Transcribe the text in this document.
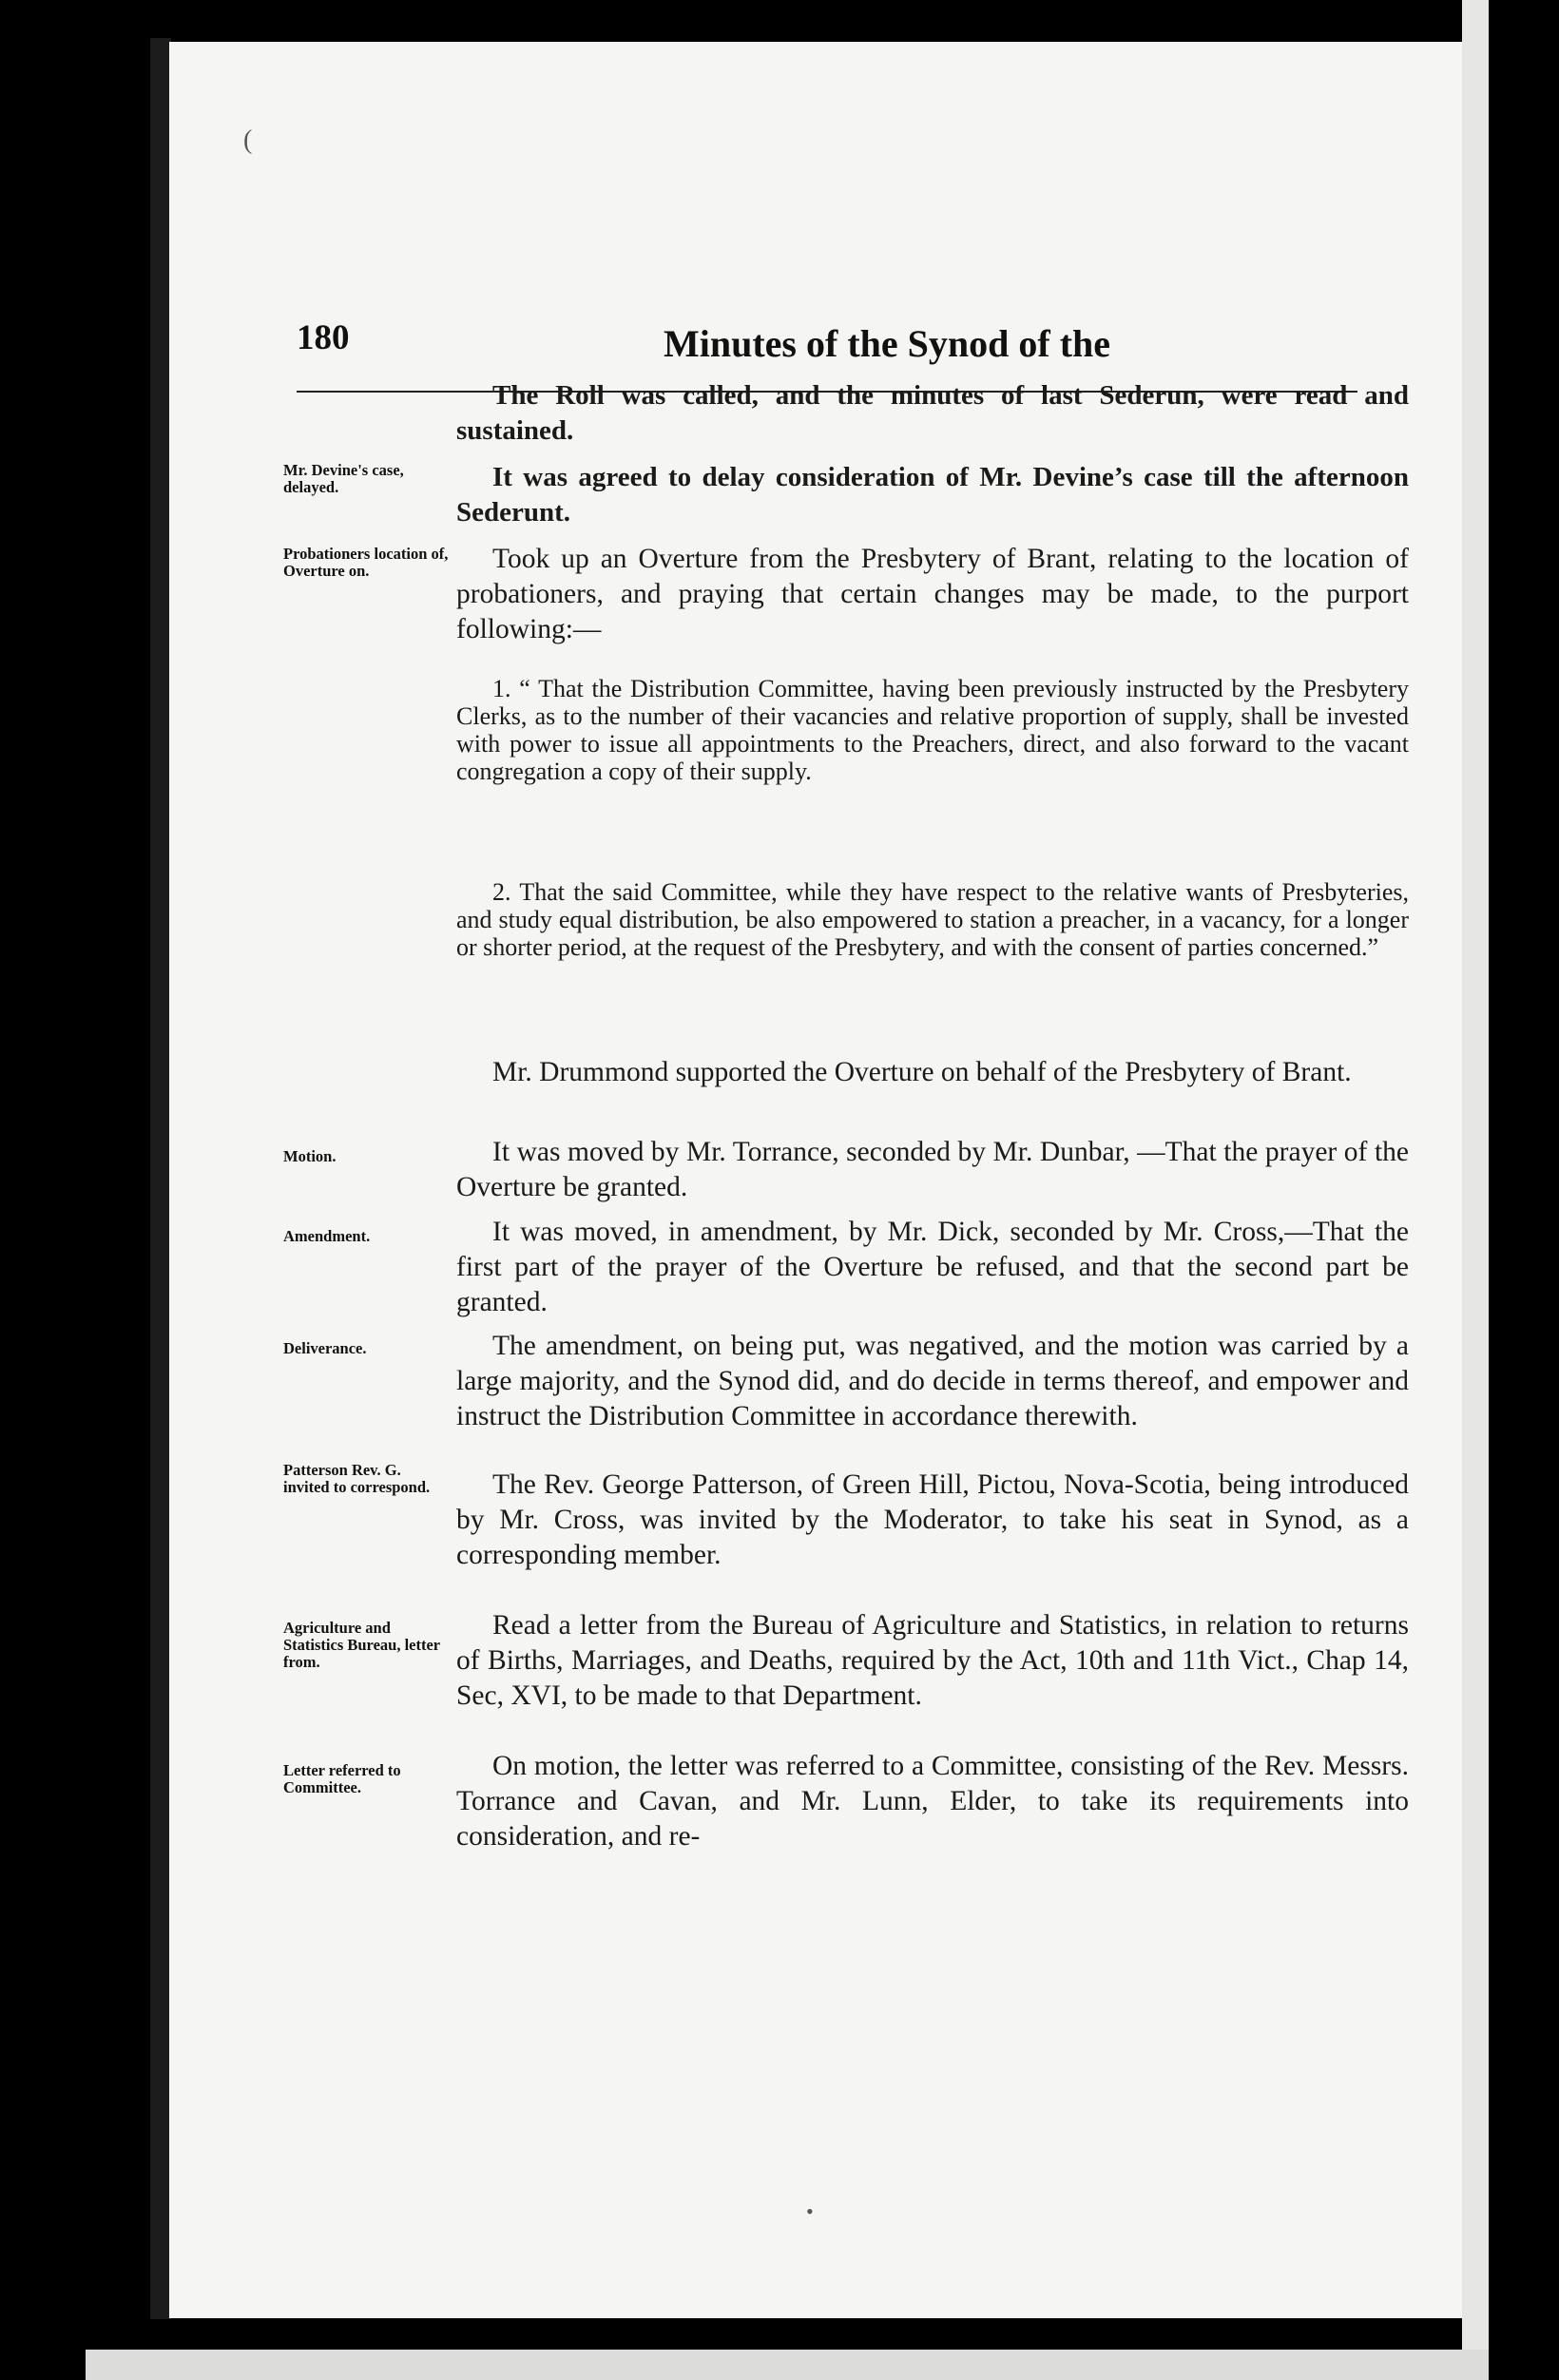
(
180	Minutes of the Synod of the

The Roll was called, and the minutes of last Sederun, were read and sustained.

Mr. Devine's case, delayed.	It was agreed to delay consideration of Mr. Devine’s case till the afternoon Sederunt.

Probationers location of, Overture on.	Took up an Overture from the Presbytery of Brant, relating to the location of probationers, and praying that certain changes may be made, to the purport following:—

1. “ That the Distribution Committee, having been previously instructed by the Presbytery Clerks, as to the number of their vacancies and relative proportion of supply, shall be invested with power to issue all appointments to the Preachers, direct, and also forward to the vacant congregation a copy of their supply.

2. That the said Committee, while they have respect to the relative wants of Presbyteries, and study equal distribution, be also empowered to station a preacher, in a vacancy, for a longer or shorter period, at the request of the Presbytery, and with the consent of parties concerned.”

Mr. Drummond supported the Overture on behalf of the Presbytery of Brant.

Motion.	It was moved by Mr. Torrance, seconded by Mr. Dunbar, —That the prayer of the Overture be granted.

Amendment.	It was moved, in amendment, by Mr. Dick, seconded by Mr. Cross,—That the first part of the prayer of the Overture be refused, and that the second part be granted.

Deliverance.	The amendment, on being put, was negatived, and the motion was carried by a large majority, and the Synod did, and do decide in terms thereof, and empower and instruct the Distribution Committee in accordance therewith.

Patterson Rev. G. invited to correspond.	The Rev. George Patterson, of Green Hill, Pictou, Nova-Scotia, being introduced by Mr. Cross, was invited by the Moderator, to take his seat in Synod, as a corresponding member.

Agriculture and Statistics Bureau, letter from.

Read a letter from the Bureau of Agriculture and Statistics, in relation to returns of Births, Marriages, and Deaths, required by the Act, 10th and 11th Vict., Chap 14, Sec, XVI, to be made to that Department.

Letter referred to Committee.

On motion, the letter was referred to a Committee, consisting of the Rev. Messrs. Torrance and Cavan, and Mr. Lunn, Elder, to take its requirements into consideration, and re-

•
